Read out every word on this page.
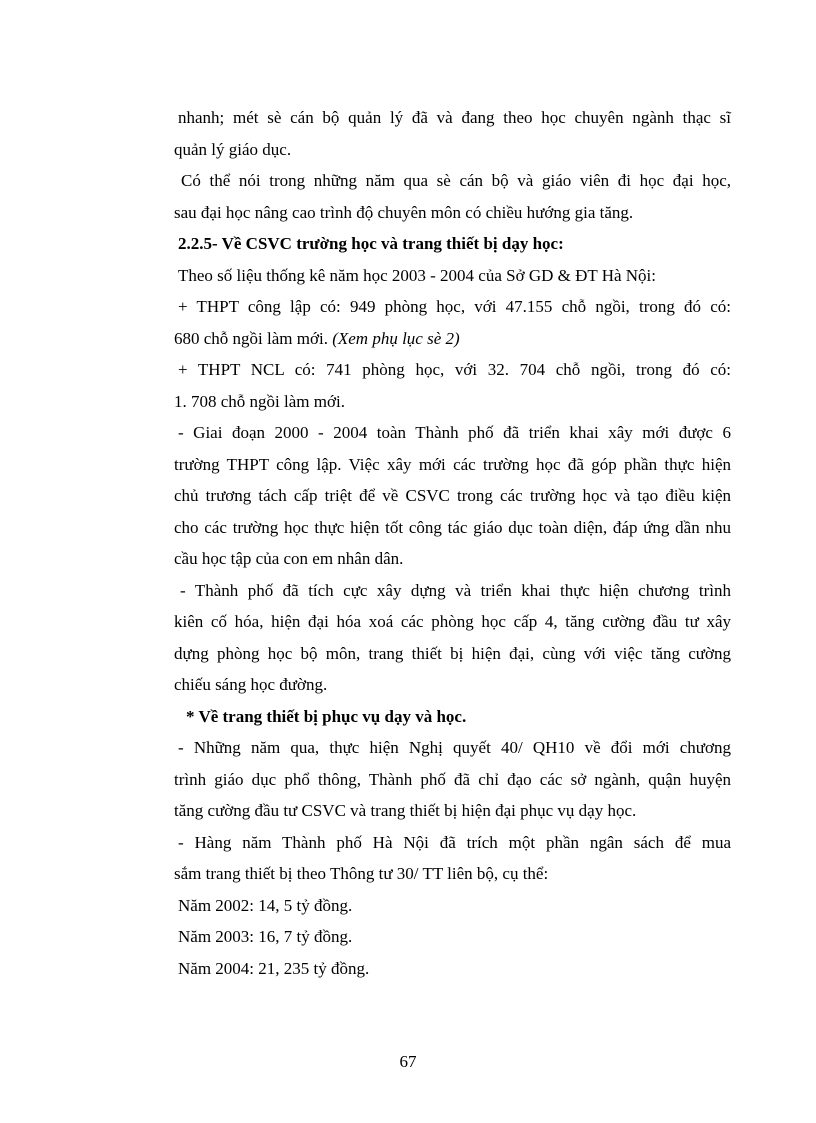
nhanh; mét sè cán bộ quản lý đã và đang theo học chuyên ngành thạc sĩ
quản lý giáo dục.
Có thể nói trong những năm qua sè cán bộ và giáo viên đi học đại học,
sau đại học nâng cao trình độ chuyên môn có chiều hướng gia tăng.
2.2.5- Về CSVC trường học và trang thiết bị dạy học:
Theo số liệu thống kê năm học 2003 - 2004 của Sở GD & ĐT Hà Nội:
+ THPT công lập có: 949 phòng học, với 47.155 chỗ ngồi, trong đó có:
680 chỗ ngồi làm mới. (Xem phụ lục sè 2)
+ THPT NCL có: 741 phòng học, với 32. 704 chỗ ngồi, trong đó có:
1. 708 chỗ ngồi làm mới.
- Giai đoạn 2000 - 2004 toàn Thành phố đã triển khai xây mới được 6
trường THPT công lập. Việc xây mới các trường học đã góp phần thực hiện
chủ trương tách cấp triệt để về CSVC trong các trường học và tạo điều kiện
cho các trường học thực hiện tốt công tác giáo dục toàn diện, đáp ứng dần nhu
cầu học tập của con em nhân dân.
- Thành phố đã tích cực xây dựng và triển khai thực hiện chương trình
kiên cố hóa, hiện đại hóa xoá các phòng học cấp 4, tăng cường đầu tư xây
dựng phòng học bộ môn, trang thiết bị hiện đại, cùng với việc tăng cường
chiếu sáng học đường.
* Về trang thiết bị phục vụ dạy và học.
- Những năm qua, thực hiện Nghị quyết 40/ QH10 về đổi mới chương
trình giáo dục phổ thông, Thành phố đã chỉ đạo các sở ngành, quận huyện
tăng cường đầu tư CSVC và trang thiết bị hiện đại phục vụ dạy học.
- Hàng năm Thành phố Hà Nội đã trích một phần ngân sách để mua
sắm trang thiết bị theo Thông tư 30/ TT liên bộ, cụ thể:
Năm 2002: 14, 5 tỷ đồng.
Năm 2003: 16, 7 tỷ đồng.
Năm 2004: 21, 235 tỷ đồng.
67
